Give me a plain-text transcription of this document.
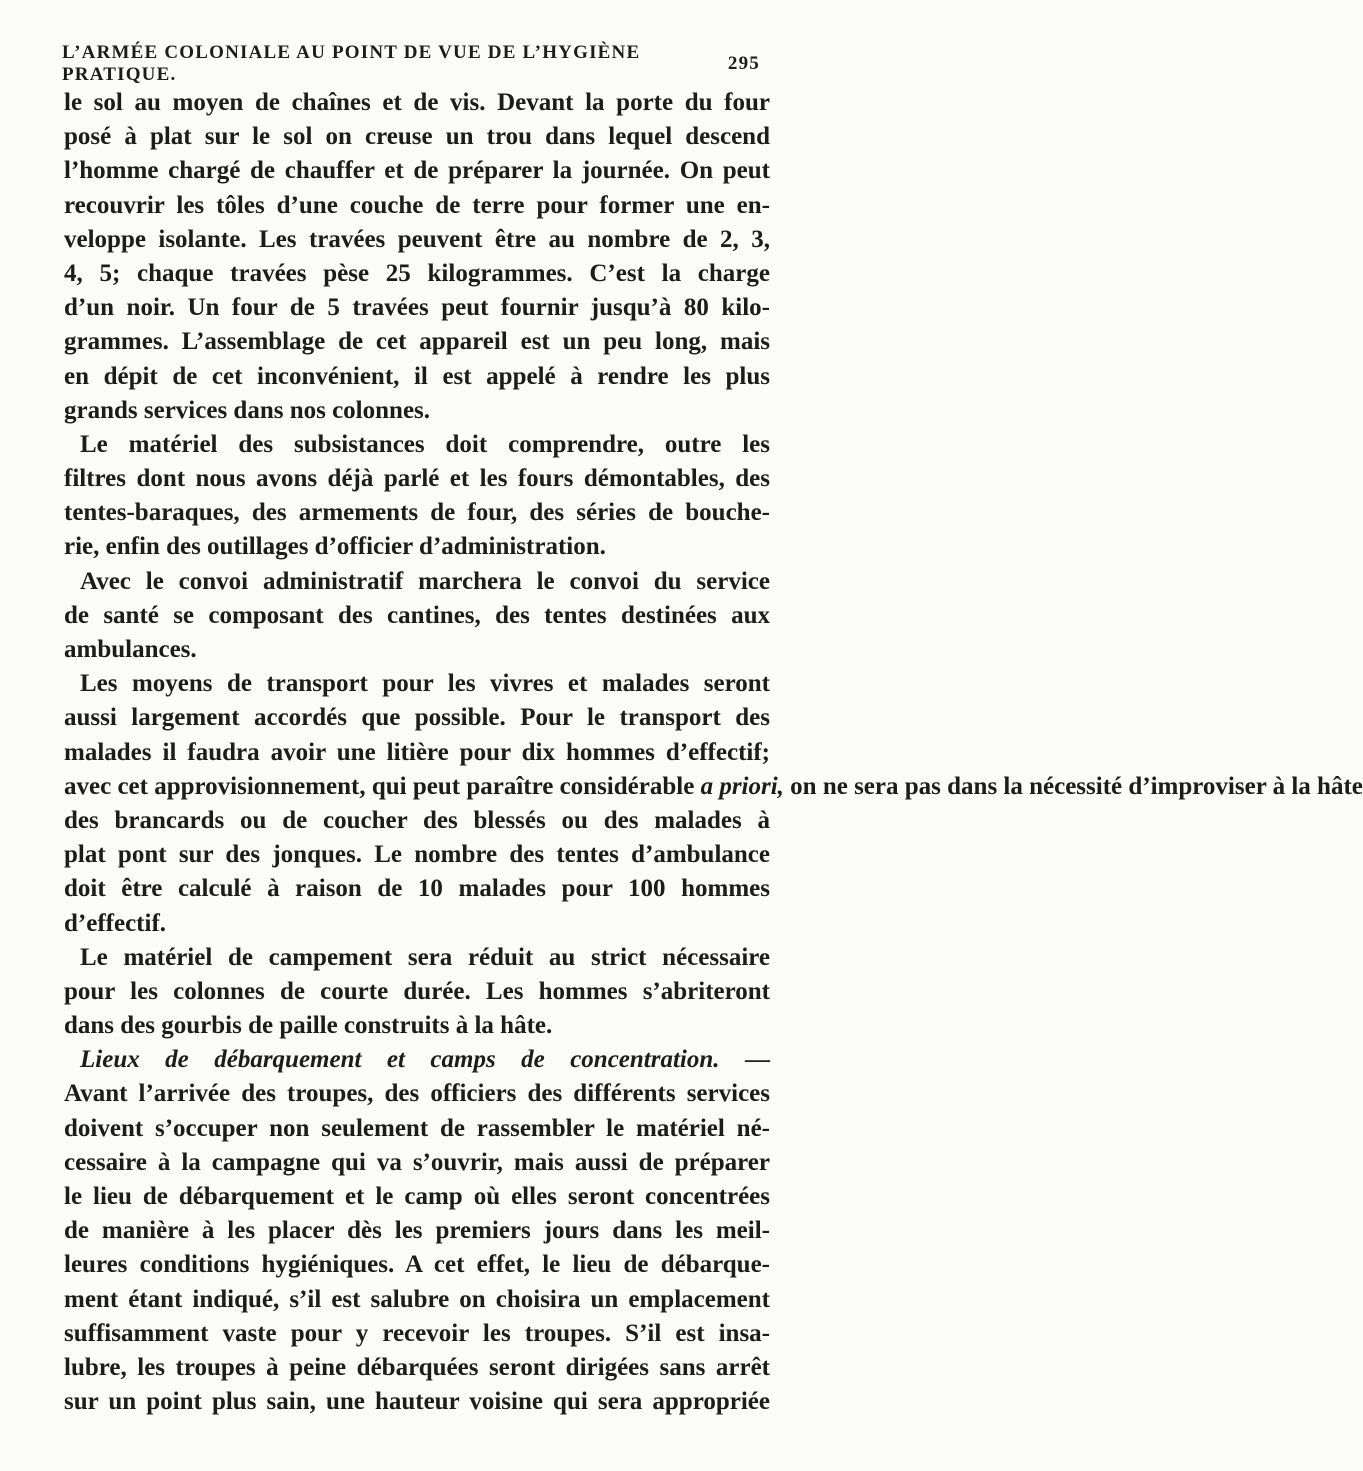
L’ARMÉE COLONIALE AU POINT DE VUE DE L’HYGIÈNE PRATIQUE.
295
le sol au moyen de chaînes et de vis. Devant la porte du four
posé à plat sur le sol on creuse un trou dans lequel descend
l’homme chargé de chauffer et de préparer la journée. On peut
recouvrir les tôles d’une couche de terre pour former une en-
veloppe isolante. Les travées peuvent être au nombre de 2, 3,
4, 5; chaque travées pèse 25 kilogrammes. C’est la charge
d’un noir. Un four de 5 travées peut fournir jusqu’à 80 kilo-
grammes. L’assemblage de cet appareil est un peu long, mais
en dépit de cet inconvénient, il est appelé à rendre les plus
grands services dans nos colonnes.
Le matériel des subsistances doit comprendre, outre les
filtres dont nous avons déjà parlé et les fours démontables, des
tentes-baraques, des armements de four, des séries de bouche-
rie, enfin des outillages d’officier d’administration.
Avec le convoi administratif marchera le convoi du service
de santé se composant des cantines, des tentes destinées aux
ambulances.
Les moyens de transport pour les vivres et malades seront
aussi largement accordés que possible. Pour le transport des
malades il faudra avoir une litière pour dix hommes d’effectif;
avec cet approvisionnement, qui peut paraître considérable a priori, on ne sera pas dans la nécessité d’improviser à la hâte
des brancards ou de coucher des blessés ou des malades à
plat pont sur des jonques. Le nombre des tentes d’ambulance
doit être calculé à raison de 10 malades pour 100 hommes
d’effectif.
Le matériel de campement sera réduit au strict nécessaire
pour les colonnes de courte durée. Les hommes s’abriteront
dans des gourbis de paille construits à la hâte.
Lieux de débarquement et camps de concentration. —
Avant l’arrivée des troupes, des officiers des différents services
doivent s’occuper non seulement de rassembler le matériel né-
cessaire à la campagne qui va s’ouvrir, mais aussi de préparer
le lieu de débarquement et le camp où elles seront concentrées
de manière à les placer dès les premiers jours dans les meil-
leures conditions hygiéniques. A cet effet, le lieu de débarque-
ment étant indiqué, s’il est salubre on choisira un emplacement
suffisamment vaste pour y recevoir les troupes. S’il est insa-
lubre, les troupes à peine débarquées seront dirigées sans arrêt
sur un point plus sain, une hauteur voisine qui sera appropriée
